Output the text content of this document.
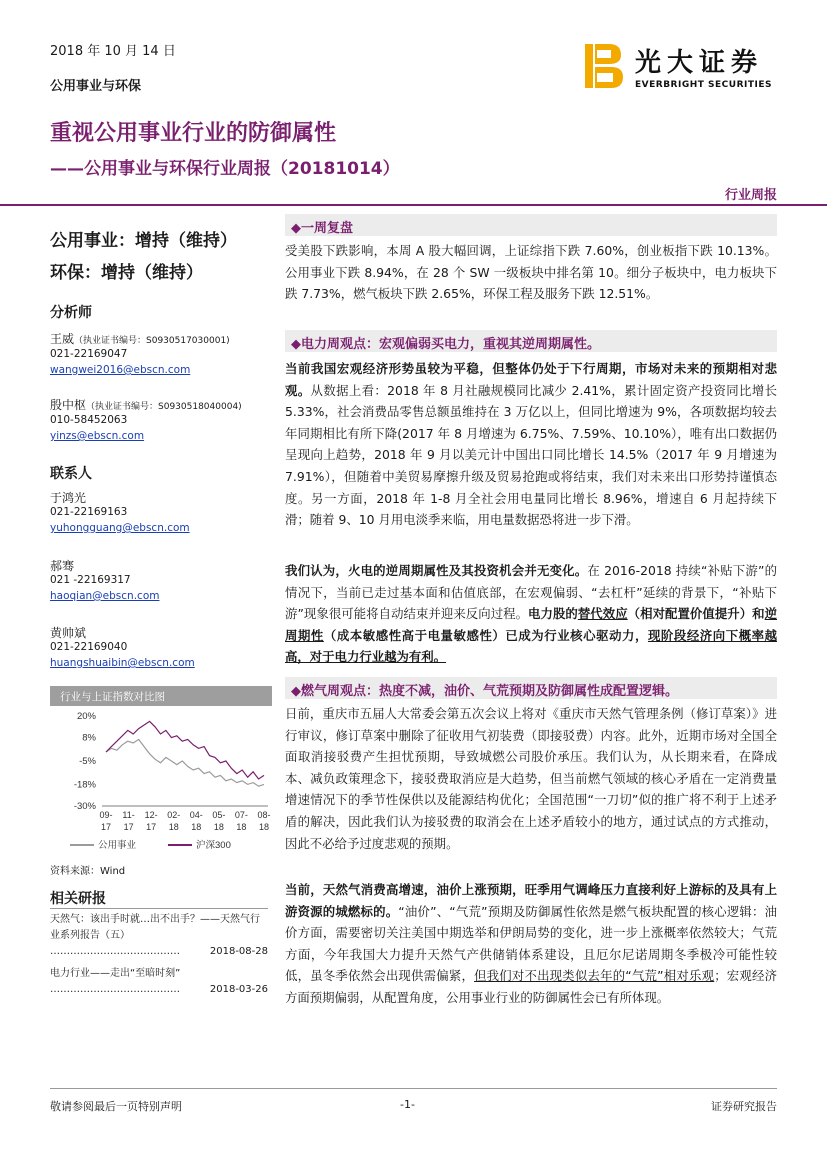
2018 年 10 月 14 日
公用事业与环保
光大证券
EVERBRIGHT SECURITIES
重视公用事业行业的防御属性
——公用事业与环保行业周报（20181014）
行业周报
公用事业：增持（维持）
环保：增持（维持）
分析师
王威（执业证书编号：S0930517030001)
021-22169047
wangwei2016@ebscn.com
殷中枢（执业证书编号：S0930518040004)
010-58452063
yinzs@ebscn.com
联系人
于鸿光
021-22169163
yuhongguang@ebscn.com
郝骞
021 -22169317
haoqian@ebscn.com
黄帅斌
021-22169040
huangshuaibin@ebscn.com
行业与上证指数对比图
20%
8%
-5%
-18%
-30%
09-
17
11-
17
12-
17
02-
18
04-
18
05-
18
07-
18
08-
18
公用事业	沪深300
资料来源：Wind
相关研报
天然气：该出手时就…出不出手？——天然气行业系列报告（五）
…………………………………	2018-08-28
电力行业——走出“至暗时刻”
…………………………………	2018-03-26
◆一周复盘
受美股下跌影响，本周 A 股大幅回调，上证综指下跌 7.60%，创业板指下跌 10.13%。公用事业下跌 8.94%，在 28 个 SW 一级板块中排名第 10。细分子板块中，电力板块下跌 7.73%，燃气板块下跌 2.65%，环保工程及服务下跌 12.51%。
◆电力周观点：宏观偏弱买电力，重视其逆周期属性。
当前我国宏观经济形势虽较为平稳，但整体仍处于下行周期，市场对未来的预期相对悲观。从数据上看：2018 年 8 月社融规模同比减少 2.41%，累计固定资产投资同比增长 5.33%，社会消费品零售总额虽维持在 3 万亿以上，但同比增速为 9%，各项数据均较去年同期相比有所下降(2017 年 8 月增速为 6.75%、7.59%、10.10%），唯有出口数据仍呈现向上趋势，2018 年 9 月以美元计中国出口同比增长 14.5%（2017 年 9 月增速为 7.91%），但随着中美贸易摩擦升级及贸易抢跑或将结束，我们对未来出口形势持谨慎态度。另一方面，2018 年 1-8 月全社会用电量同比增长 8.96%，增速自 6 月起持续下滑；随着 9、10 月用电淡季来临，用电量数据恐将进一步下滑。
我们认为，火电的逆周期属性及其投资机会并无变化。在 2016-2018 持续“补贴下游”的情况下，当前已走过基本面和估值底部，在宏观偏弱、“去杠杆”延续的背景下，“补贴下游”现象很可能将自动结束并迎来反向过程。电力股的替代效应（相对配置价值提升）和逆周期性（成本敏感性高于电量敏感性）已成为行业核心驱动力，现阶段经济向下概率越高，对于电力行业越为有利。
◆燃气周观点：热度不减，油价、气荒预期及防御属性成配置逻辑。
日前，重庆市五届人大常委会第五次会议上将对《重庆市天然气管理条例（修订草案）》进行审议，修订草案中删除了征收用气初装费（即接驳费）内容。此外，近期市场对全国全面取消接驳费产生担忧预期，导致城燃公司股价承压。我们认为，从长期来看，在降成本、减负政策理念下，接驳费取消应是大趋势，但当前燃气领域的核心矛盾在一定消费量增速情况下的季节性保供以及能源结构优化；全国范围“一刀切”似的推广将不利于上述矛盾的解决，因此我们认为接驳费的取消会在上述矛盾较小的地方，通过试点的方式推动，因此不必给予过度悲观的预期。
当前，天然气消费高增速，油价上涨预期，旺季用气调峰压力直接利好上游标的及具有上游资源的城燃标的。“油价”、“气荒”预期及防御属性依然是燃气板块配置的核心逻辑：油价方面，需要密切关注美国中期选举和伊朗局势的变化，进一步上涨概率依然较大；气荒方面，今年我国大力提升天然气产供储销体系建设，且厄尔尼诺周期冬季极冷可能性较低，虽冬季依然会出现供需偏紧，但我们对不出现类似去年的“气荒”相对乐观；宏观经济方面预期偏弱，从配置角度，公用事业行业的防御属性会已有所体现。
敬请参阅最后一页特别声明	-1-	证券研究报告
